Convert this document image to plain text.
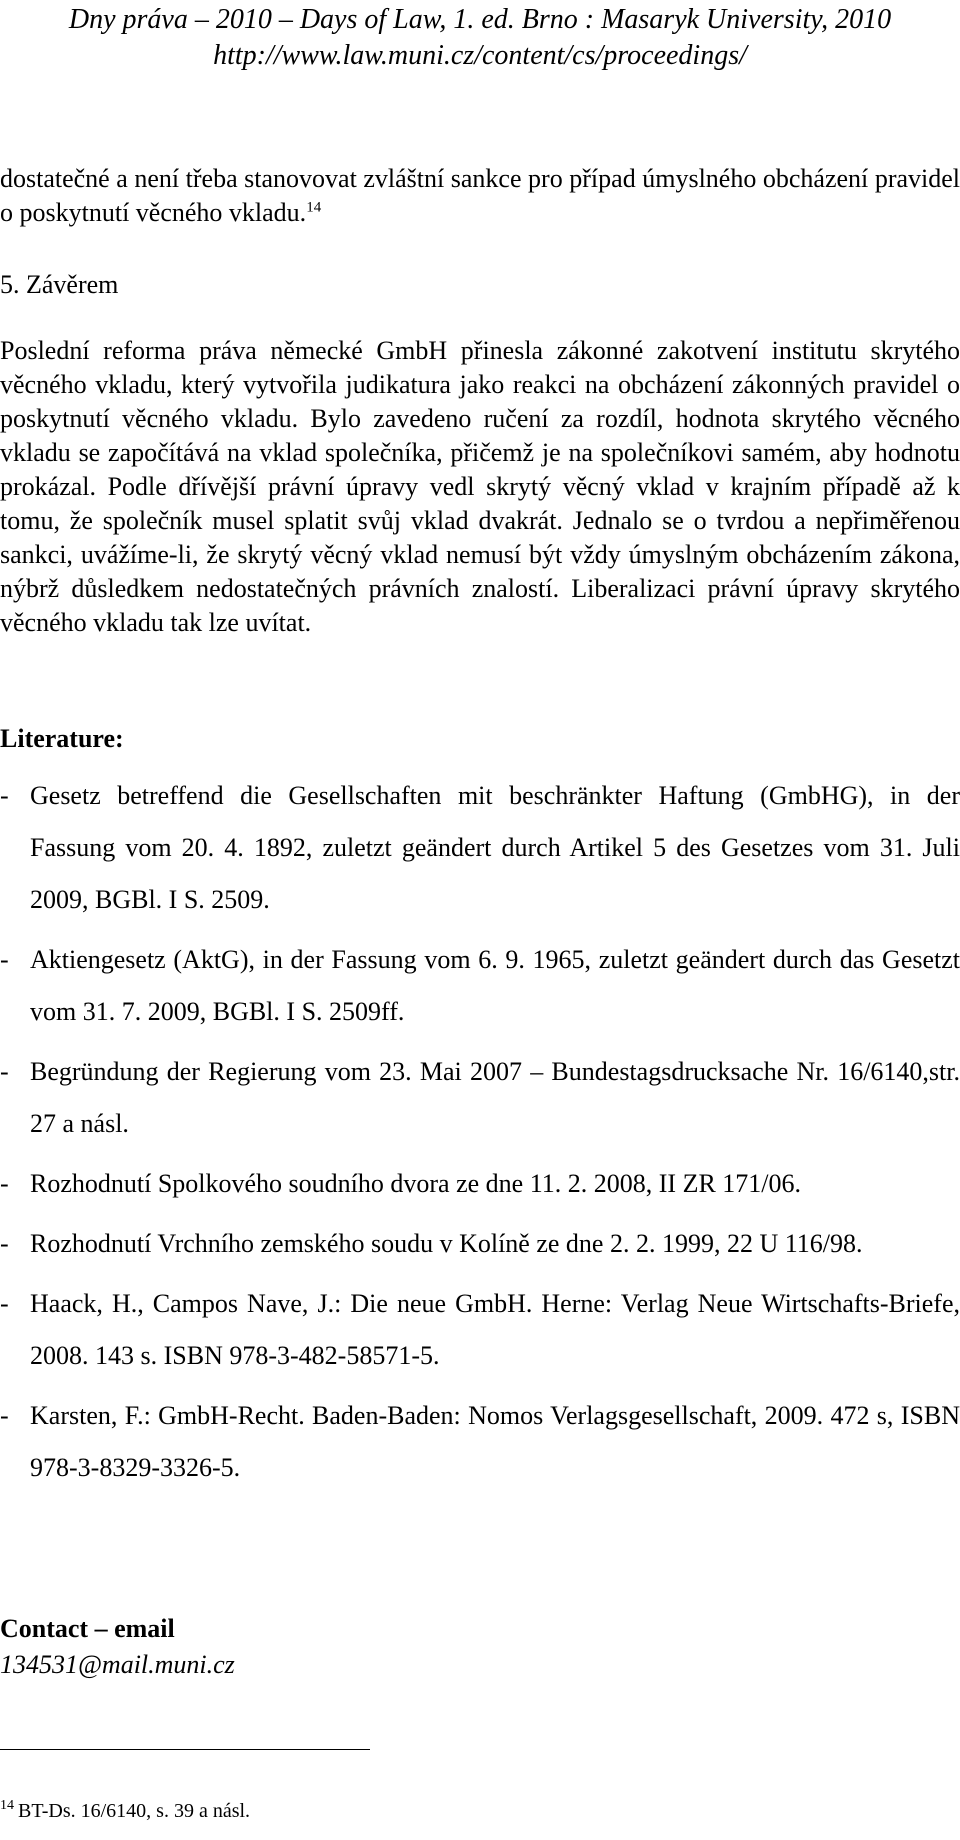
Dny práva – 2010 – Days of Law, 1. ed. Brno : Masaryk University, 2010
http://www.law.muni.cz/content/cs/proceedings/
dostatečné a není třeba stanovovat zvláštní sankce pro případ úmyslného obcházení pravidel o poskytnutí věcného vkladu.$^{14}$
5. Závěrem
Poslední reforma práva německé GmbH přinesla zákonné zakotvení institutu skrytého věcného vkladu, který vytvořila judikatura jako reakci na obcházení zákonných pravidel o poskytnutí věcného vkladu. Bylo zavedeno ručení za rozdíl, hodnota skrytého věcného vkladu se započítává na vklad společníka, přičemž je na společníkovi samém, aby hodnotu prokázal. Podle dřívější právní úpravy vedl skrytý věcný vklad v krajním případě až k tomu, že společník musel splatit svůj vklad dvakrát. Jednalo se o tvrdou a nepřiměřenou sankci, uvážíme-li, že skrytý věcný vklad nemusí být vždy úmyslným obcházením zákona, nýbrž důsledkem nedostatečných právních znalostí. Liberalizaci právní úpravy skrytého věcného vkladu tak lze uvítat.
Literature:
- Gesetz betreffend die Gesellschaften mit beschränkter Haftung (GmbHG), in der Fassung vom 20. 4. 1892, zuletzt geändert durch Artikel 5 des Gesetzes vom 31. Juli 2009, BGBl. I S. 2509.
- Aktiengesetz (AktG), in der Fassung vom 6. 9. 1965, zuletzt geändert durch das Gesetzt vom 31. 7. 2009, BGBl. I S. 2509ff.
- Begründung der Regierung vom 23. Mai 2007 – Bundestagsdrucksache Nr. 16/6140,str. 27 a násl.
- Rozhodnutí Spolkového soudního dvora ze dne 11. 2. 2008, II ZR 171/06.
- Rozhodnutí Vrchního zemského soudu v Kolíně ze dne 2. 2. 1999, 22 U 116/98.
- Haack, H., Campos Nave, J.: Die neue GmbH. Herne: Verlag Neue Wirtschafts-Briefe, 2008. 143 s. ISBN 978-3-482-58571-5.
- Karsten, F.: GmbH-Recht. Baden-Baden: Nomos Verlagsgesellschaft, 2009. 472 s, ISBN 978-3-8329-3326-5.
Contact – email
134531@mail.muni.cz
$^{14}$ BT-Ds. 16/6140, s. 39 a násl.
